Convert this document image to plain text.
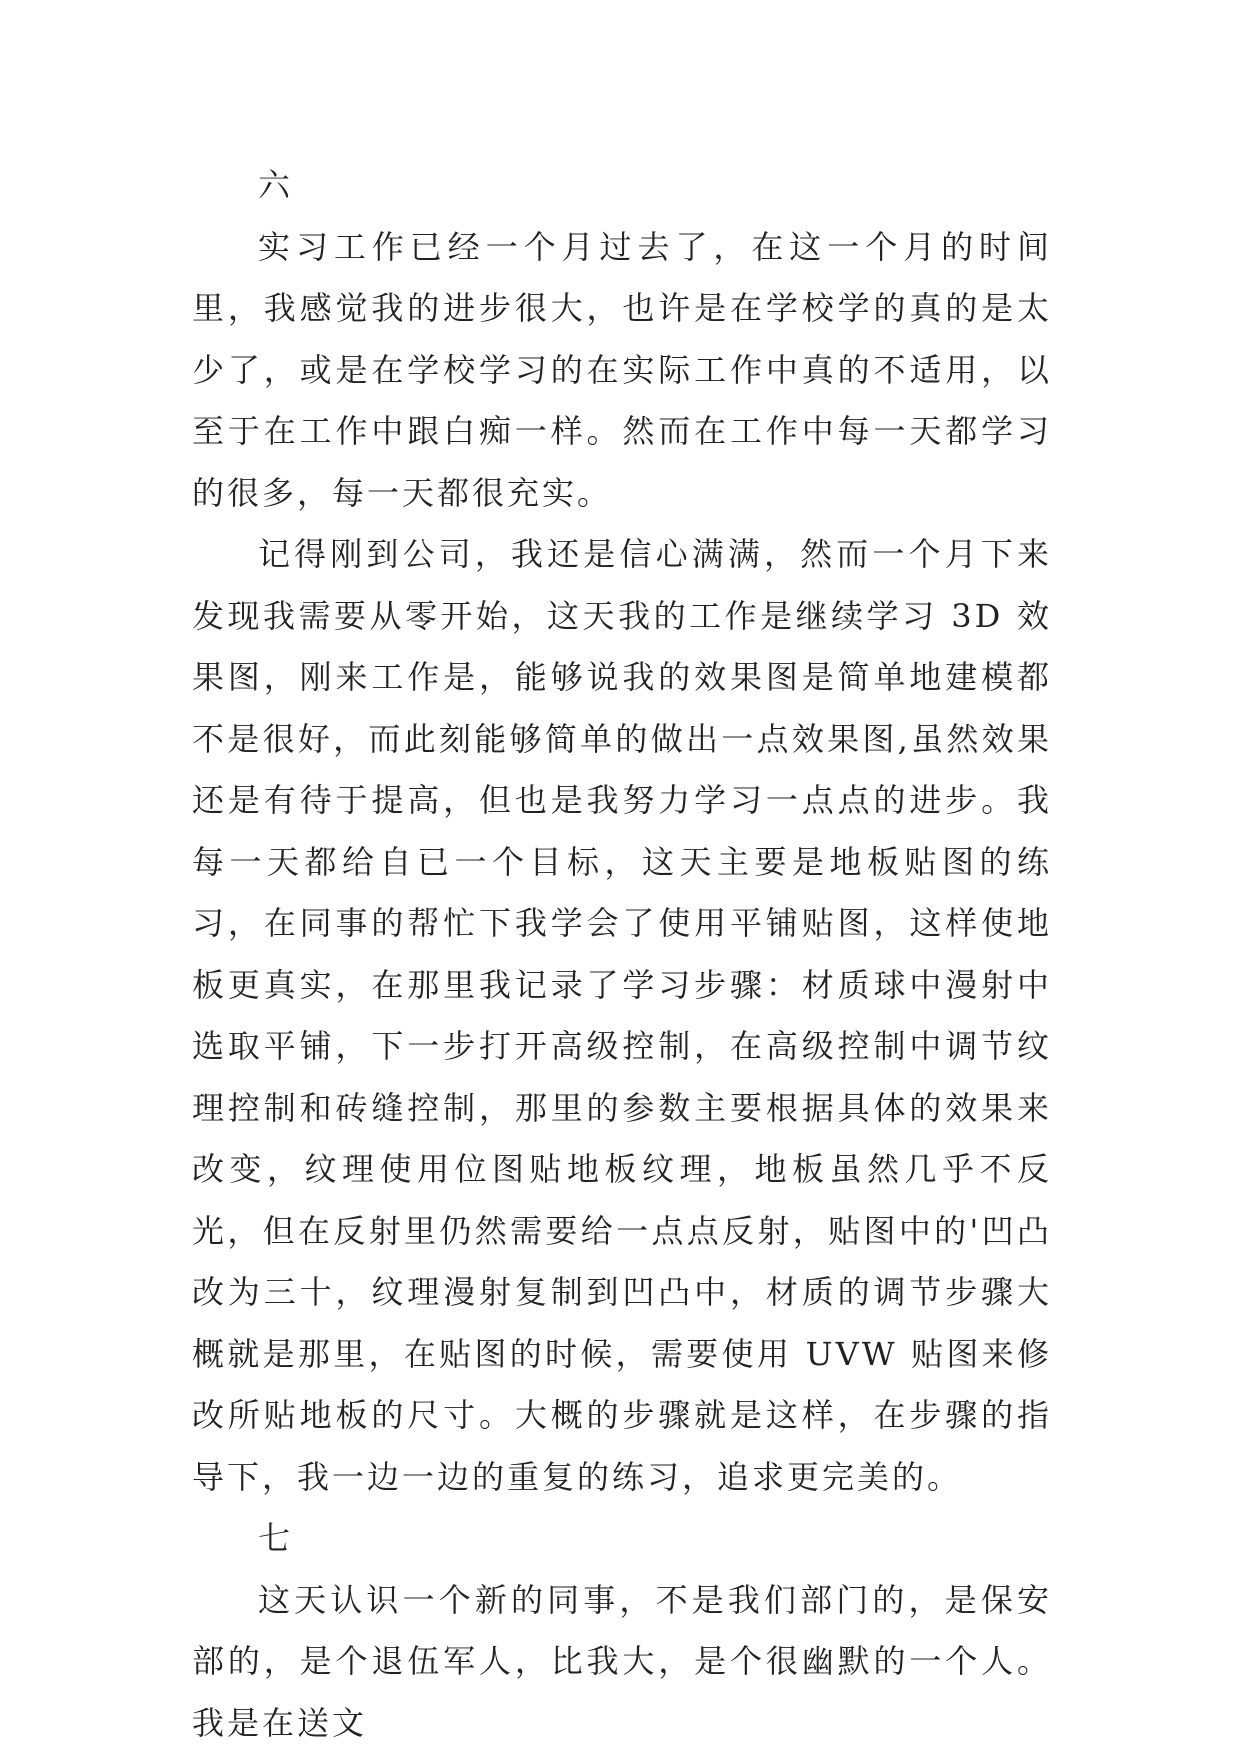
六

实习工作已经一个月过去了，在这一个月的时间里，我感觉我的进步很大，也许是在学校学的真的是太少了，或是在学校学习的在实际工作中真的不适用，以至于在工作中跟白痴一样。然而在工作中每一天都学习的很多，每一天都很充实。

记得刚到公司，我还是信心满满，然而一个月下来发现我需要从零开始，这天我的工作是继续学习 3D 效果图，刚来工作是，能够说我的效果图是简单地建模都不是很好，而此刻能够简单的做出一点效果图,虽然效果还是有待于提高，但也是我努力学习一点点的进步。我每一天都给自已一个目标，这天主要是地板贴图的练习，在同事的帮忙下我学会了使用平铺贴图，这样使地板更真实，在那里我记录了学习步骤：材质球中漫射中选取平铺，下一步打开高级控制，在高级控制中调节纹理控制和砖缝控制，那里的参数主要根据具体的效果来改变，纹理使用位图贴地板纹理，地板虽然几乎不反光，但在反射里仍然需要给一点点反射，贴图中的'凹凸改为三十，纹理漫射复制到凹凸中，材质的调节步骤大概就是那里，在贴图的时候，需要使用 UVW 贴图来修改所贴地板的尺寸。大概的步骤就是这样，在步骤的指导下，我一边一边的重复的练习，追求更完美的。

七

这天认识一个新的同事，不是我们部门的，是保安部的，是个退伍军人，比我大，是个很幽默的一个人。我是在送文
